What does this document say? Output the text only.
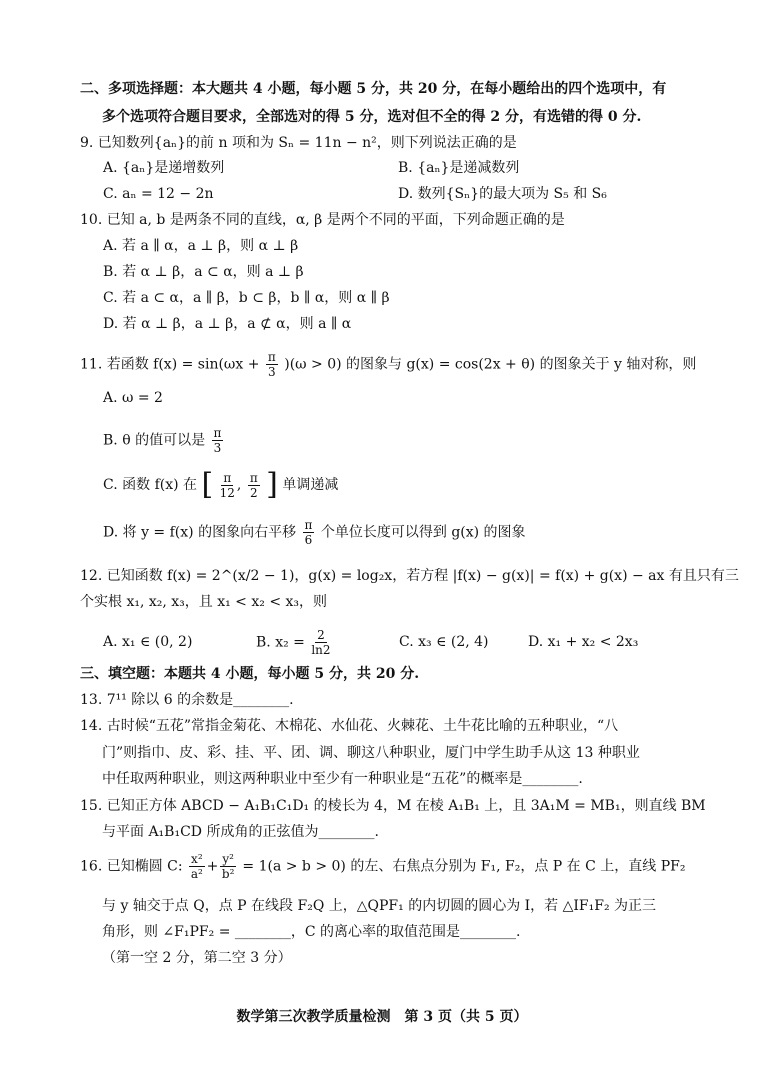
二、多项选择题：本大题共 4 小题，每小题 5 分，共 20 分，在每小题给出的四个选项中，有
多个选项符合题目要求，全部选对的得 5 分，选对但不全的得 2 分，有选错的得 0 分.
9. 已知数列{aₙ}的前 n 项和为 Sₙ = 11n − n²，则下列说法正确的是
A. {aₙ}是递增数列	B. {aₙ}是递减数列
C. aₙ = 12 − 2n	D. 数列{Sₙ}的最大项为 S₅ 和 S₆
10. 已知 a, b 是两条不同的直线，α, β 是两个不同的平面，下列命题正确的是
A. 若 a ∥ α，a ⊥ β，则 α ⊥ β
B. 若 α ⊥ β，a ⊂ α，则 a ⊥ β
C. 若 a ⊂ α，a ∥ β，b ⊂ β，b ∥ α，则 α ∥ β
D. 若 α ⊥ β，a ⊥ β，a ⊄ α，则 a ∥ α
11. 若函数 $f(x) = \sin(\omega x + \frac{\pi}{3} )(\omega > 0)$ 的图象与 g(x) = cos(2x + θ) 的图象关于 y 轴对称，则
A. ω = 2
B. θ 的值可以是 $\frac{\pi}{3}$
C. 函数 f(x) 在 [ $\frac{\pi}{12}$ , $\frac{\pi}{2}$ ] 单调递减
D. 将 y = f(x) 的图象向右平移 $\frac{\pi}{6}$ 个单位长度可以得到 g(x) 的图象
12. 已知函数 f(x) = 2^(x/2 − 1)，g(x) = log₂x，若方程 |f(x) − g(x)| = f(x) + g(x) − ax 有且只有三
个实根 x₁, x₂, x₃，且 x₁ < x₂ < x₃，则
A. x₁ ∈ (0, 2)	B. $x_2 = \frac{2}{\ln 2}$	C. x₃ ∈ (2, 4)	D. x₁ + x₂ < 2x₃
三、填空题：本题共 4 小题，每小题 5 分，共 20 分.
13. 7¹¹ 除以 6 的余数是________.
14. 古时候“五花”常指金菊花、木棉花、水仙花、火棘花、土牛花比喻的五种职业，“八
门”则指巾、皮、彩、挂、平、团、调、聊这八种职业，厦门中学生助手从这 13 种职业
中任取两种职业，则这两种职业中至少有一种职业是“五花”的概率是________.
15. 已知正方体 ABCD − A₁B₁C₁D₁ 的棱长为 4，M 在棱 A₁B₁ 上，且 3A₁M = MB₁，则直线 BM
与平面 A₁B₁CD 所成角的正弦值为________.
16. 已知椭圆 C: $\frac{\text{x²}}{\text{a²}} + \frac{\text{y²}}{\text{b²}} = 1(a > b > 0)$ 的左、右焦点分别为 F₁, F₂，点 P 在 C 上，直线 PF₂
与 y 轴交于点 Q，点 P 在线段 F₂Q 上，△QPF₁ 的内切圆的圆心为 I，若 △IF₁F₂ 为正三
角形，则 ∠F₁PF₂ = ________，C 的离心率的取值范围是________.
（第一空 2 分，第二空 3 分）
数学第三次教学质量检测　第 3 页（共 5 页）
